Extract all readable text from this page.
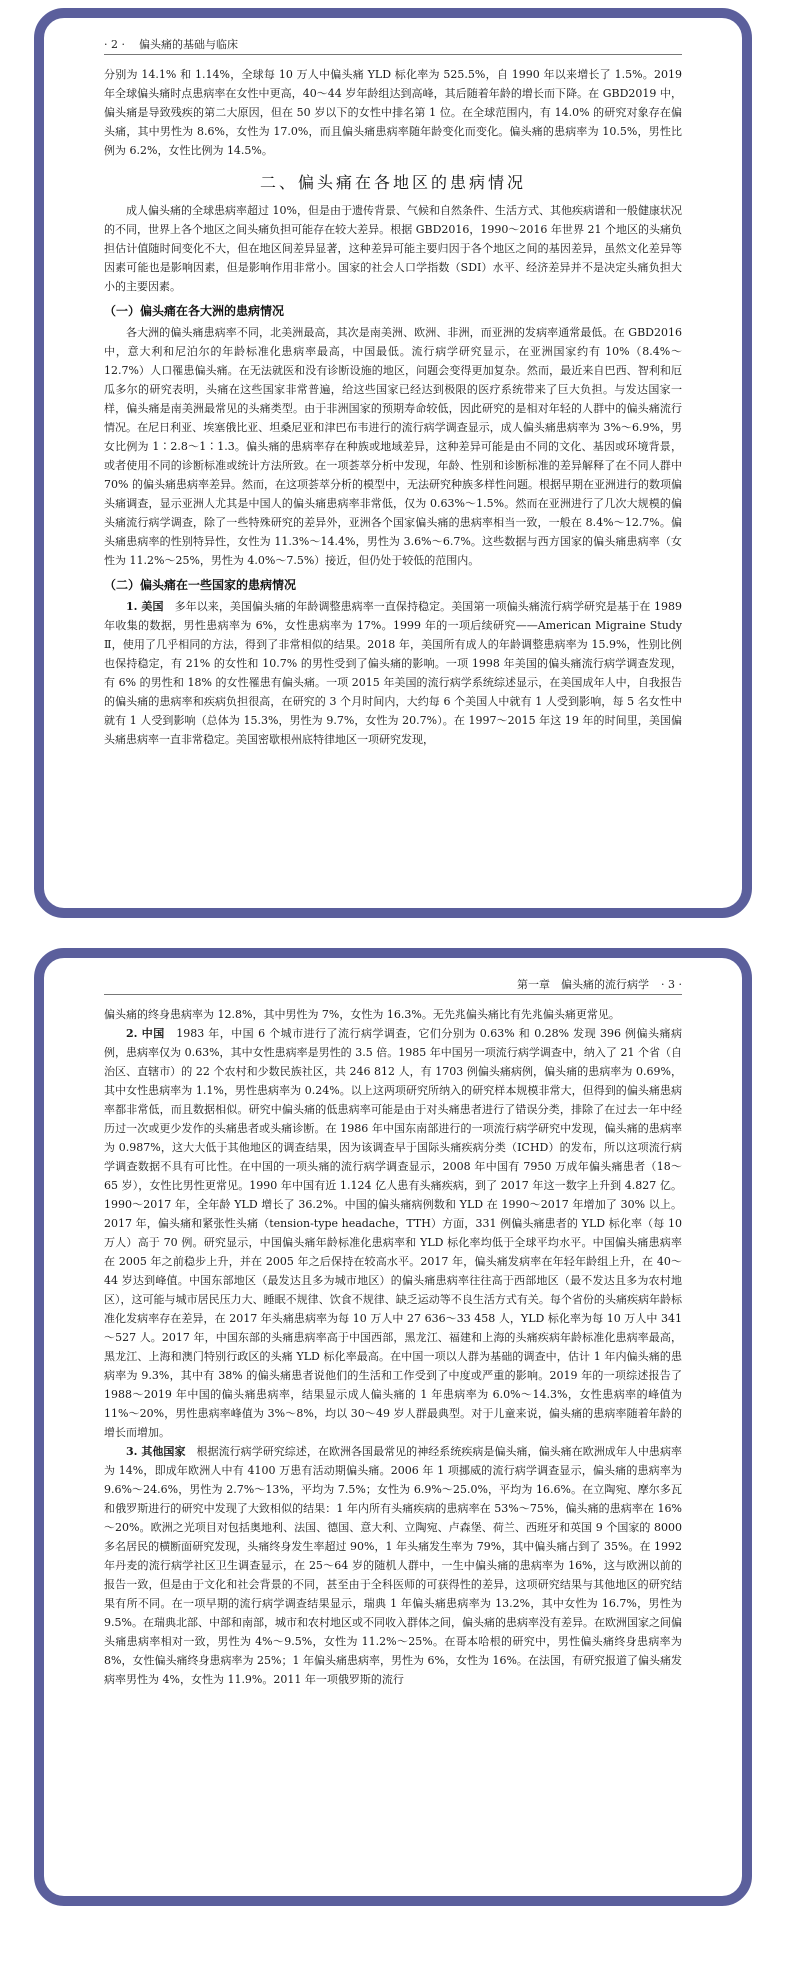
· 2 · 偏头痛的基础与临床

分别为 14.1% 和 1.14%，全球每 10 万人中偏头痛 YLD 标化率为 525.5%，自 1990 年以来增长了 1.5%。2019 年全球偏头痛时点患病率在女性中更高，40～44 岁年龄组达到高峰，其后随着年龄的增长而下降。在 GBD2019 中，偏头痛是导致残疾的第二大原因，但在 50 岁以下的女性中排名第 1 位。在全球范围内，有 14.0% 的研究对象存在偏头痛，其中男性为 8.6%，女性为 17.0%，而且偏头痛患病率随年龄变化而变化。偏头痛的患病率为 10.5%，男性比例为 6.2%，女性比例为 14.5%。

二、偏头痛在各地区的患病情况

成人偏头痛的全球患病率超过 10%，但是由于遗传背景、气候和自然条件、生活方式、其他疾病谱和一般健康状况的不同，世界上各个地区之间头痛负担可能存在较大差异。根据 GBD2016，1990～2016 年世界 21 个地区的头痛负担估计值随时间变化不大，但在地区间差异显著，这种差异可能主要归因于各个地区之间的基因差异，虽然文化差异等因素可能也是影响因素，但是影响作用非常小。国家的社会人口学指数（SDI）水平、经济差异并不是决定头痛负担大小的主要因素。

（一）偏头痛在各大洲的患病情况

各大洲的偏头痛患病率不同，北美洲最高，其次是南美洲、欧洲、非洲，而亚洲的发病率通常最低。在 GBD2016 中，意大利和尼泊尔的年龄标准化患病率最高，中国最低。流行病学研究显示，在亚洲国家约有 10%（8.4%～12.7%）人口罹患偏头痛。在无法就医和没有诊断设施的地区，问题会变得更加复杂。然而，最近来自巴西、智利和厄瓜多尔的研究表明，头痛在这些国家非常普遍，给这些国家已经达到极限的医疗系统带来了巨大负担。与发达国家一样，偏头痛是南美洲最常见的头痛类型。由于非洲国家的预期寿命较低，因此研究的是相对年轻的人群中的偏头痛流行情况。在尼日利亚、埃塞俄比亚、坦桑尼亚和津巴布韦进行的流行病学调查显示，成人偏头痛患病率为 3%～6.9%，男女比例为 1∶2.8～1∶1.3。偏头痛的患病率存在种族或地域差异，这种差异可能是由不同的文化、基因或环境背景，或者使用不同的诊断标准或统计方法所致。在一项荟萃分析中发现，年龄、性别和诊断标准的差异解释了在不同人群中 70% 的偏头痛患病率差异。然而，在这项荟萃分析的模型中，无法研究种族多样性问题。根据早期在亚洲进行的数项偏头痛调查，显示亚洲人尤其是中国人的偏头痛患病率非常低，仅为 0.63%～1.5%。然而在亚洲进行了几次大规模的偏头痛流行病学调查，除了一些特殊研究的差异外，亚洲各个国家偏头痛的患病率相当一致，一般在 8.4%～12.7%。偏头痛患病率的性别特异性，女性为 11.3%～14.4%，男性为 3.6%～6.7%。这些数据与西方国家的偏头痛患病率（女性为 11.2%～25%，男性为 4.0%～7.5%）接近，但仍处于较低的范围内。

（二）偏头痛在一些国家的患病情况

1. 美国　 多年以来，美国偏头痛的年龄调整患病率一直保持稳定。美国第一项偏头痛流行病学研究是基于在 1989 年收集的数据，男性患病率为 6%，女性患病率为 17%。1999 年的一项后续研究——American Migraine Study Ⅱ，使用了几乎相同的方法，得到了非常相似的结果。2018 年，美国所有成人的年龄调整患病率为 15.9%，性别比例也保持稳定，有 21% 的女性和 10.7% 的男性受到了偏头痛的影响。一项 1998 年美国的偏头痛流行病学调查发现，有 6% 的男性和 18% 的女性罹患有偏头痛。一项 2015 年美国的流行病学系统综述显示，在美国成年人中，自我报告的偏头痛的患病率和疾病负担很高，在研究的 3 个月时间内，大约每 6 个美国人中就有 1 人受到影响，每 5 名女性中就有 1 人受到影响（总体为 15.3%，男性为 9.7%，女性为 20.7%）。在 1997～2015 年这 19 年的时间里，美国偏头痛患病率一直非常稳定。美国密歇根州底特律地区一项研究发现，

第一章　偏头痛的流行病学 · 3 ·

偏头痛的终身患病率为 12.8%，其中男性为 7%，女性为 16.3%。无先兆偏头痛比有先兆偏头痛更常见。

2. 中国　 1983 年，中国 6 个城市进行了流行病学调查，它们分别为 0.63% 和 0.28% 发现 396 例偏头痛病例，患病率仅为 0.63%，其中女性患病率是男性的 3.5 倍。1985 年中国另一项流行病学调查中，纳入了 21 个省（自治区、直辖市）的 22 个农村和少数民族社区，共 246 812 人，有 1703 例偏头痛病例，偏头痛的患病率为 0.69%，其中女性患病率为 1.1%，男性患病率为 0.24%。以上这两项研究所纳入的研究样本规模非常大，但得到的偏头痛患病率都非常低，而且数据相似。研究中偏头痛的低患病率可能是由于对头痛患者进行了错误分类，排除了在过去一年中经历过一次或更少发作的头痛患者或头痛诊断。在 1986 年中国东南部进行的一项流行病学研究中发现，偏头痛的患病率为 0.987%，这大大低于其他地区的调查结果，因为该调查早于国际头痛疾病分类（ICHD）的发布，所以这项流行病学调查数据不具有可比性。在中国的一项头痛的流行病学调查显示，2008 年中国有 7950 万成年偏头痛患者（18～65 岁），女性比男性更常见。1990 年中国有近 1.124 亿人患有头痛疾病，到了 2017 年这一数字上升到 4.827 亿。1990～2017 年，全年龄 YLD 增长了 36.2%。中国的偏头痛病例数和 YLD 在 1990～2017 年增加了 30% 以上。2017 年，偏头痛和紧张性头痛（tension-type headache，TTH）方面，331 例偏头痛患者的 YLD 标化率（每 10 万人）高于 70 例。研究显示，中国偏头痛年龄标准化患病率和 YLD 标化率均低于全球平均水平。中国偏头痛患病率在 2005 年之前稳步上升，并在 2005 年之后保持在较高水平。2017 年，偏头痛发病率在年轻年龄组上升，在 40～44 岁达到峰值。中国东部地区（最发达且多为城市地区）的偏头痛患病率往往高于西部地区（最不发达且多为农村地区），这可能与城市居民压力大、睡眠不规律、饮食不规律、缺乏运动等不良生活方式有关。每个省份的头痛疾病年龄标准化发病率存在差异，在 2017 年头痛患病率为每 10 万人中 27 636～33 458 人，YLD 标化率为每 10 万人中 341～527 人。2017 年，中国东部的头痛患病率高于中国西部，黑龙江、福建和上海的头痛疾病年龄标准化患病率最高，黑龙江、上海和澳门特别行政区的头痛 YLD 标化率最高。在中国一项以人群为基础的调查中，估计 1 年内偏头痛的患病率为 9.3%，其中有 38% 的偏头痛患者说他们的生活和工作受到了中度或严重的影响。2019 年的一项综述报告了 1988～2019 年中国的偏头痛患病率，结果显示成人偏头痛的 1 年患病率为 6.0%～14.3%，女性患病率的峰值为 11%～20%，男性患病率峰值为 3%～8%，均以 30～49 岁人群最典型。对于儿童来说，偏头痛的患病率随着年龄的增长而增加。

3. 其他国家　 根据流行病学研究综述，在欧洲各国最常见的神经系统疾病是偏头痛，偏头痛在欧洲成年人中患病率为 14%，即成年欧洲人中有 4100 万患有活动期偏头痛。2006 年 1 项挪威的流行病学调查显示，偏头痛的患病率为 9.6%～24.6%，男性为 2.7%～13%，平均为 7.5%；女性为 6.9%～25.0%，平均为 16.6%。在立陶宛、摩尔多瓦和俄罗斯进行的研究中发现了大致相似的结果：1 年内所有头痛疾病的患病率在 53%～75%，偏头痛的患病率在 16%～20%。欧洲之光项目对包括奥地利、法国、德国、意大利、立陶宛、卢森堡、荷兰、西班牙和英国 9 个国家的 8000 多名居民的横断面研究发现，头痛终身发生率超过 90%，1 年头痛发生率为 79%，其中偏头痛占到了 35%。在 1992 年丹麦的流行病学社区卫生调查显示，在 25～64 岁的随机人群中，一生中偏头痛的患病率为 16%，这与欧洲以前的报告一致，但是由于文化和社会背景的不同，甚至由于全科医师的可获得性的差异，这项研究结果与其他地区的研究结果有所不同。在一项早期的流行病学调查结果显示，瑞典 1 年偏头痛患病率为 13.2%，其中女性为 16.7%，男性为 9.5%。在瑞典北部、中部和南部，城市和农村地区或不同收入群体之间，偏头痛的患病率没有差异。在欧洲国家之间偏头痛患病率相对一致，男性为 4%～9.5%，女性为 11.2%～25%。在哥本哈根的研究中，男性偏头痛终身患病率为 8%，女性偏头痛终身患病率为 25%；1 年偏头痛患病率，男性为 6%，女性为 16%。在法国，有研究报道了偏头痛发病率男性为 4%，女性为 11.9%。2011 年一项俄罗斯的流行
